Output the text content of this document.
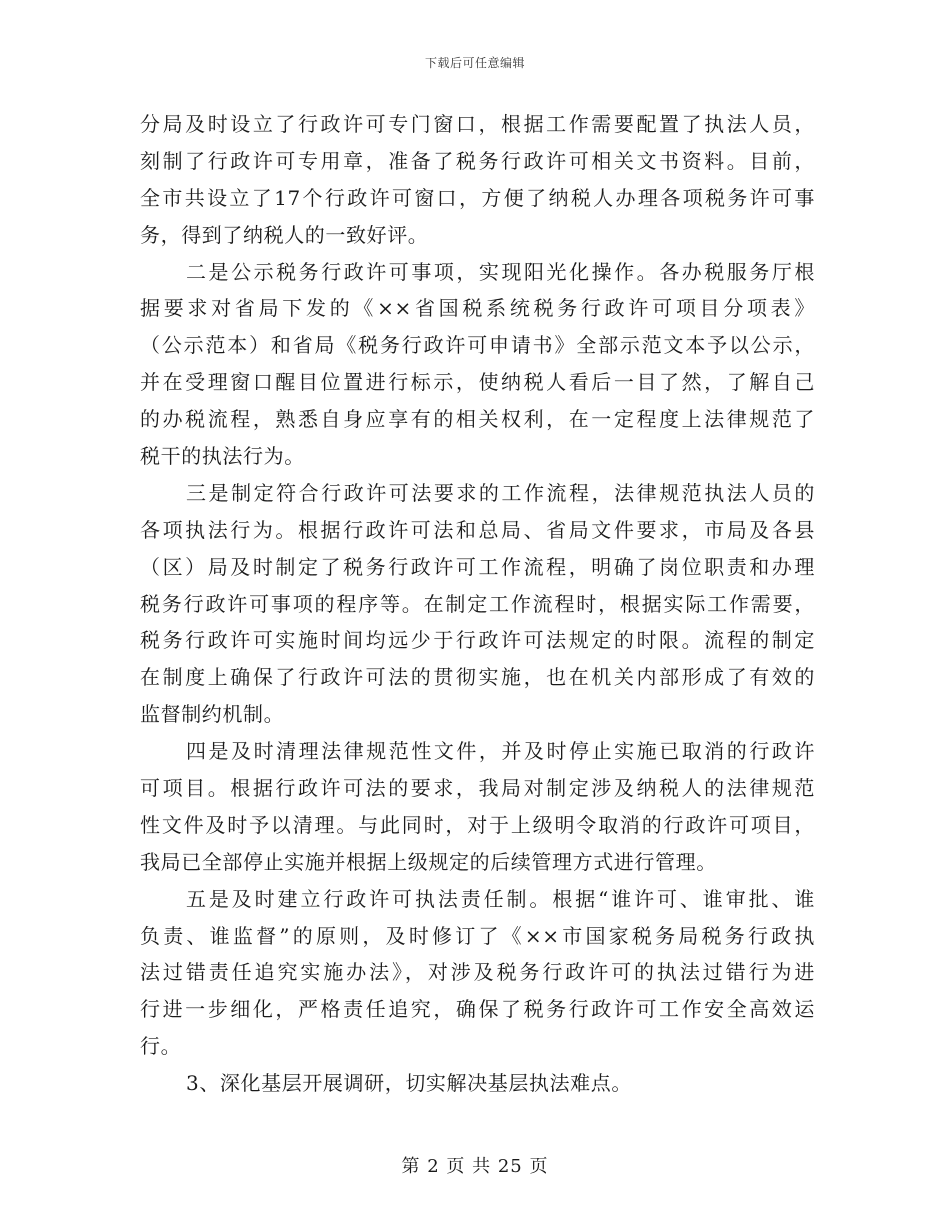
下载后可任意编辑
分局及时设立了行政许可专门窗口，根据工作需要配置了执法人员，
刻制了行政许可专用章，准备了税务行政许可相关文书资料。目前，
全市共设立了17个行政许可窗口，方便了纳税人办理各项税务许可事
务，得到了纳税人的一致好评。
二是公示税务行政许可事项，实现阳光化操作。各办税服务厅根
据要求对省局下发的《××省国税系统税务行政许可项目分项表》
（公示范本）和省局《税务行政许可申请书》全部示范文本予以公示，
并在受理窗口醒目位置进行标示，使纳税人看后一目了然，了解自己
的办税流程，熟悉自身应享有的相关权利，在一定程度上法律规范了
税干的执法行为。
三是制定符合行政许可法要求的工作流程，法律规范执法人员的
各项执法行为。根据行政许可法和总局、省局文件要求，市局及各县
（区）局及时制定了税务行政许可工作流程，明确了岗位职责和办理
税务行政许可事项的程序等。在制定工作流程时，根据实际工作需要，
税务行政许可实施时间均远少于行政许可法规定的时限。流程的制定
在制度上确保了行政许可法的贯彻实施，也在机关内部形成了有效的
监督制约机制。
四是及时清理法律规范性文件，并及时停止实施已取消的行政许
可项目。根据行政许可法的要求，我局对制定涉及纳税人的法律规范
性文件及时予以清理。与此同时，对于上级明令取消的行政许可项目，
我局已全部停止实施并根据上级规定的后续管理方式进行管理。
五是及时建立行政许可执法责任制。根据“谁许可、谁审批、谁
负责、谁监督”的原则，及时修订了《××市国家税务局税务行政执
法过错责任追究实施办法》，对涉及税务行政许可的执法过错行为进
行进一步细化，严格责任追究，确保了税务行政许可工作安全高效运
行。
3、深化基层开展调研，切实解决基层执法难点。
第 2 页 共 25 页
